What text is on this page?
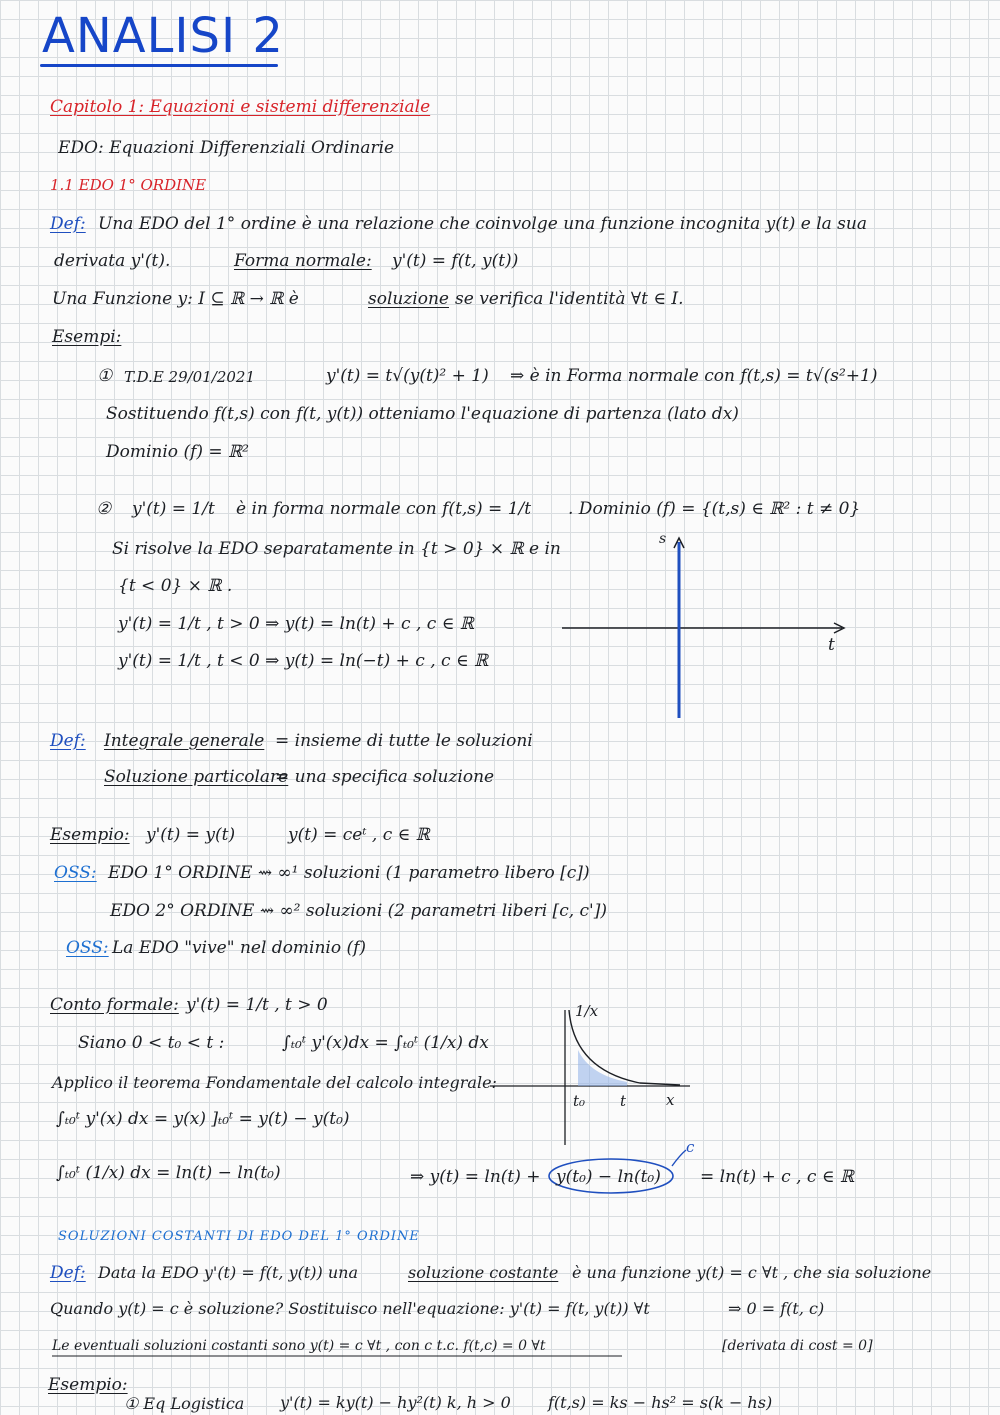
ANALISI 2
Capitolo 1: Equazioni e sistemi differenziale
EDO: Equazioni Differenziali Ordinarie
1.1 EDO 1° ORDINE
Def: Una EDO del 1° ordine è una relazione che coinvolge una funzione incognita y(t) e la sua
derivata y'(t).	Forma normale: y'(t) = f(t, y(t))
Una Funzione y: I ⊆ ℝ → ℝ è	soluzione se verifica l'identità ∀t ∈ I.
Esempi:
① T.D.E 29/01/2021	y'(t) = t√(y(t)² + 1) ⇒ è in Forma normale con f(t,s) = t√(s²+1)
Sostituendo f(t,s) con f(t, y(t)) otteniamo l'equazione di partenza (lato dx)
Dominio (f) = ℝ²
② y'(t) = 1/t è in forma normale con f(t,s) = 1/t . Dominio (f) = {(t,s) ∈ ℝ² : t ≠ 0}
Si risolve la EDO separatamente in {t > 0} × ℝ e in
{t < 0} × ℝ .
y'(t) = 1/t , t > 0 ⇒ y(t) = ln(t) + c , c ∈ ℝ
y'(t) = 1/t , t < 0 ⇒ y(t) = ln(−t) + c , c ∈ ℝ
s
t
Def: Integrale generale = insieme di tutte le soluzioni
Soluzione particolare
= una specifica soluzione
Esempio: y'(t) = y(t)	y(t) = ceᵗ , c ∈ ℝ
OSS: EDO 1° ORDINE ⇝ ∞¹ soluzioni (1 parametro libero [c])
EDO 2° ORDINE ⇝ ∞² soluzioni (2 parametri liberi [c, c'])
OSS: La EDO "vive" nel dominio (f)
Conto formale: y'(t) = 1/t , t > 0
Siano 0 < t₀ < t :	∫ₜ₀ᵗ y'(x)dx = ∫ₜ₀ᵗ (1/x) dx
Applico il teorema Fondamentale del calcolo integrale:
∫ₜ₀ᵗ y'(x) dx = y(x) ]ₜ₀ᵗ = y(t) − y(t₀)
∫ₜ₀ᵗ (1/x) dx = ln(t) − ln(t₀)	⇒ y(t) = ln(t) + y(t₀) − ln(t₀) = ln(t) + c , c ∈ ℝ
c
1/x
t₀ t	x
SOLUZIONI COSTANTI DI EDO DEL 1° ORDINE
Def: Data la EDO y'(t) = f(t, y(t)) una	soluzione costante è una funzione y(t) = c ∀t , che sia soluzione
Quando y(t) = c è soluzione? Sostituisco nell'equazione: y'(t) = f(t, y(t)) ∀t	⇒ 0 = f(t, c)
Le eventuali soluzioni costanti sono y(t) = c ∀t , con c t.c. f(t,c) = 0 ∀t	[derivata di cost = 0]
Esempio:
① Eq Logistica y'(t) = ky(t) − hy²(t) k, h > 0 f(t,s) = ks − hs² = s(k − hs)
